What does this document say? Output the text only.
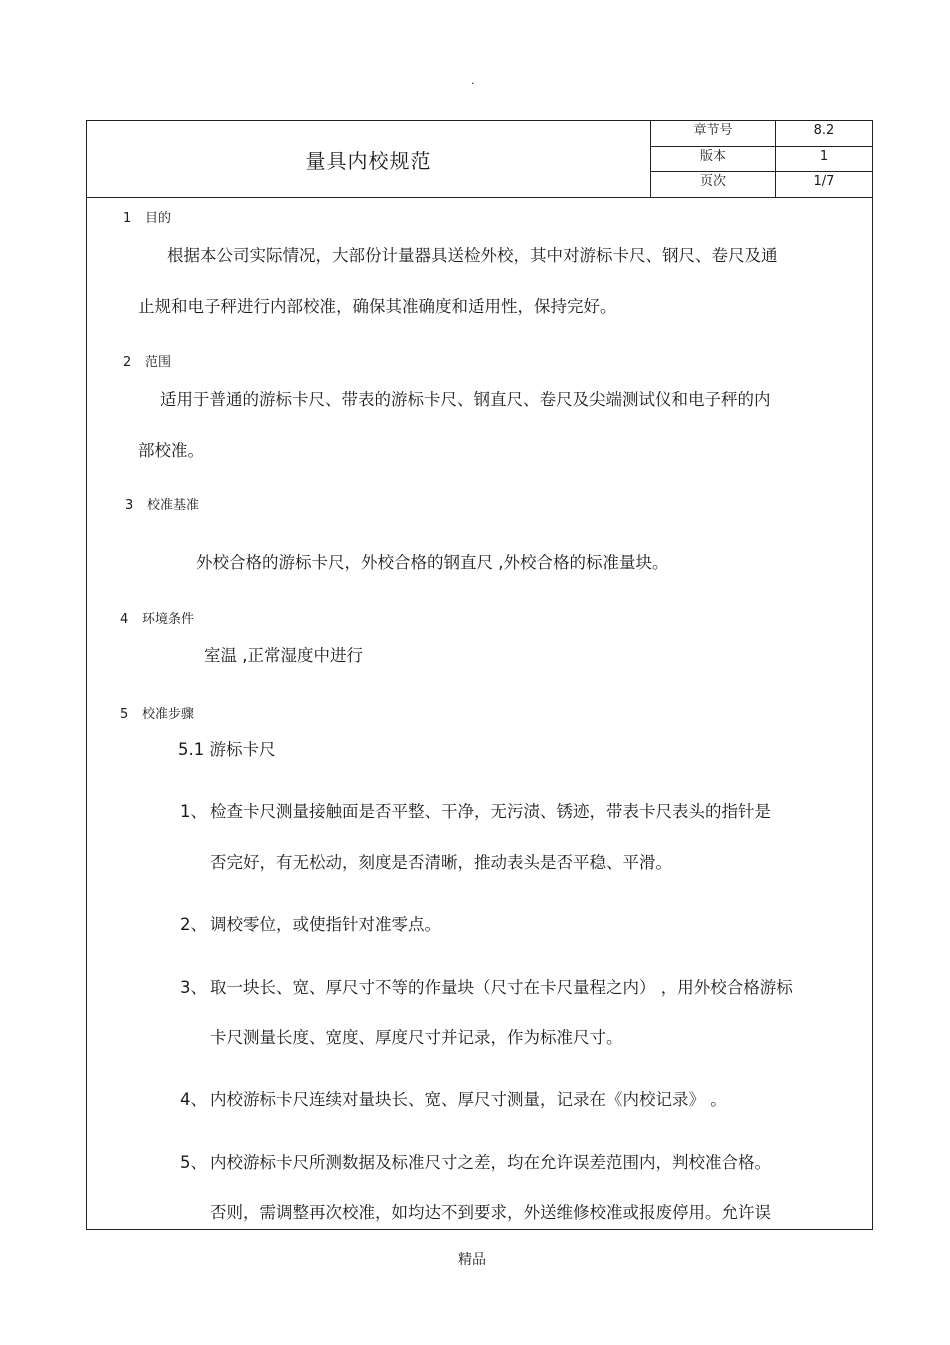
.
量具内校规范
章节号	8.2
版本	1
页次	1/7
1 目的
根据本公司实际情况，大部份计量器具送检外校，其中对游标卡尺、钢尺、卷尺及通
止规和电子秤进行内部校准，确保其准确度和适用性，保持完好。
2 范围
适用于普通的游标卡尺、带表的游标卡尺、钢直尺、卷尺及尖端测试仪和电子秤的内
部校准。
3 校准基准
外校合格的游标卡尺，外校合格的钢直尺 ,外校合格的标准量块。
4 环境条件
室温 ,正常湿度中进行
5 校准步骤
5.1 游标卡尺
1、 检查卡尺测量接触面是否平整、干净，无污渍、锈迹，带表卡尺表头的指针是
否完好，有无松动，刻度是否清晰，推动表头是否平稳、平滑。
2、 调校零位，或使指针对准零点。
3、 取一块长、宽、厚尺寸不等的作量块（尺寸在卡尺量程之内） ，用外校合格游标
卡尺测量长度、宽度、厚度尺寸并记录，作为标准尺寸。
4、 内校游标卡尺连续对量块长、宽、厚尺寸测量，记录在《内校记录》 。
5、 内校游标卡尺所测数据及标准尺寸之差，均在允许误差范围内，判校准合格。
否则，需调整再次校准，如均达不到要求，外送维修校准或报废停用。允许误
精品
